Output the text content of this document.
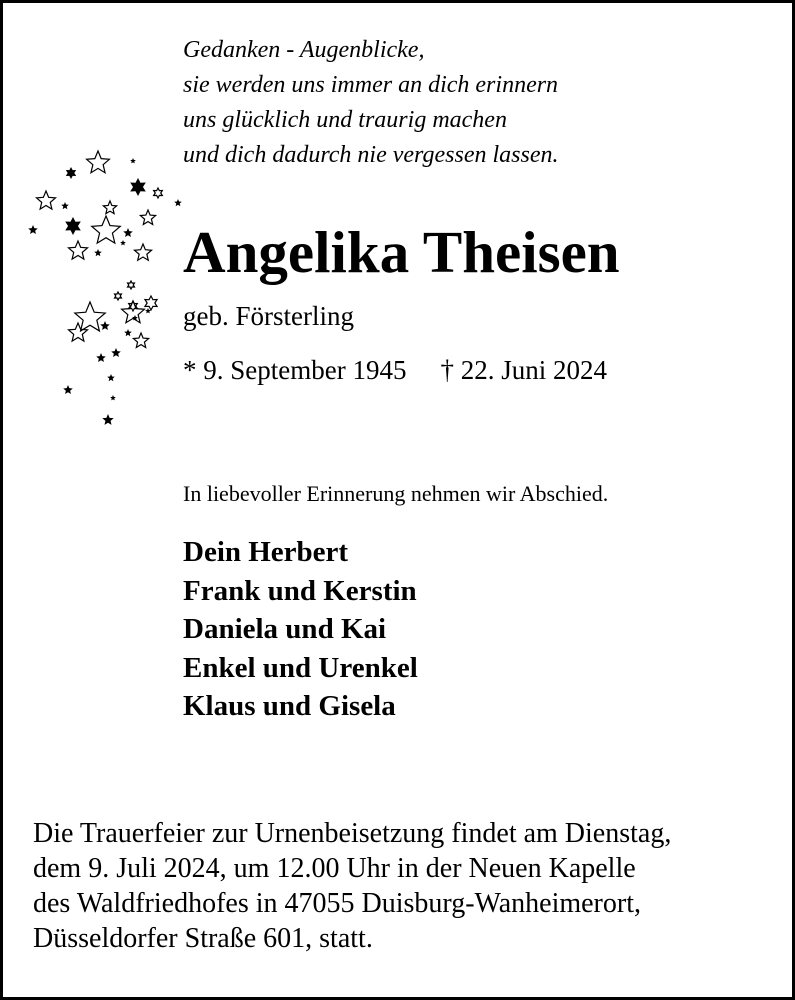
Gedanken - Augenblicke,
sie werden uns immer an dich erinnern
uns glücklich und traurig machen
und dich dadurch nie vergessen lassen.
Angelika Theisen
geb. Försterling
* 9. September 1945 † 22. Juni 2024
In liebevoller Erinnerung nehmen wir Abschied.
Dein Herbert
Frank und Kerstin
Daniela und Kai
Enkel und Urenkel
Klaus und Gisela
Die Trauerfeier zur Urnenbeisetzung findet am Dienstag,
dem 9. Juli 2024, um 12.00 Uhr in der Neuen Kapelle
des Waldfriedhofes in 47055 Duisburg-Wanheimerort,
Düsseldorfer Straße 601, statt.
